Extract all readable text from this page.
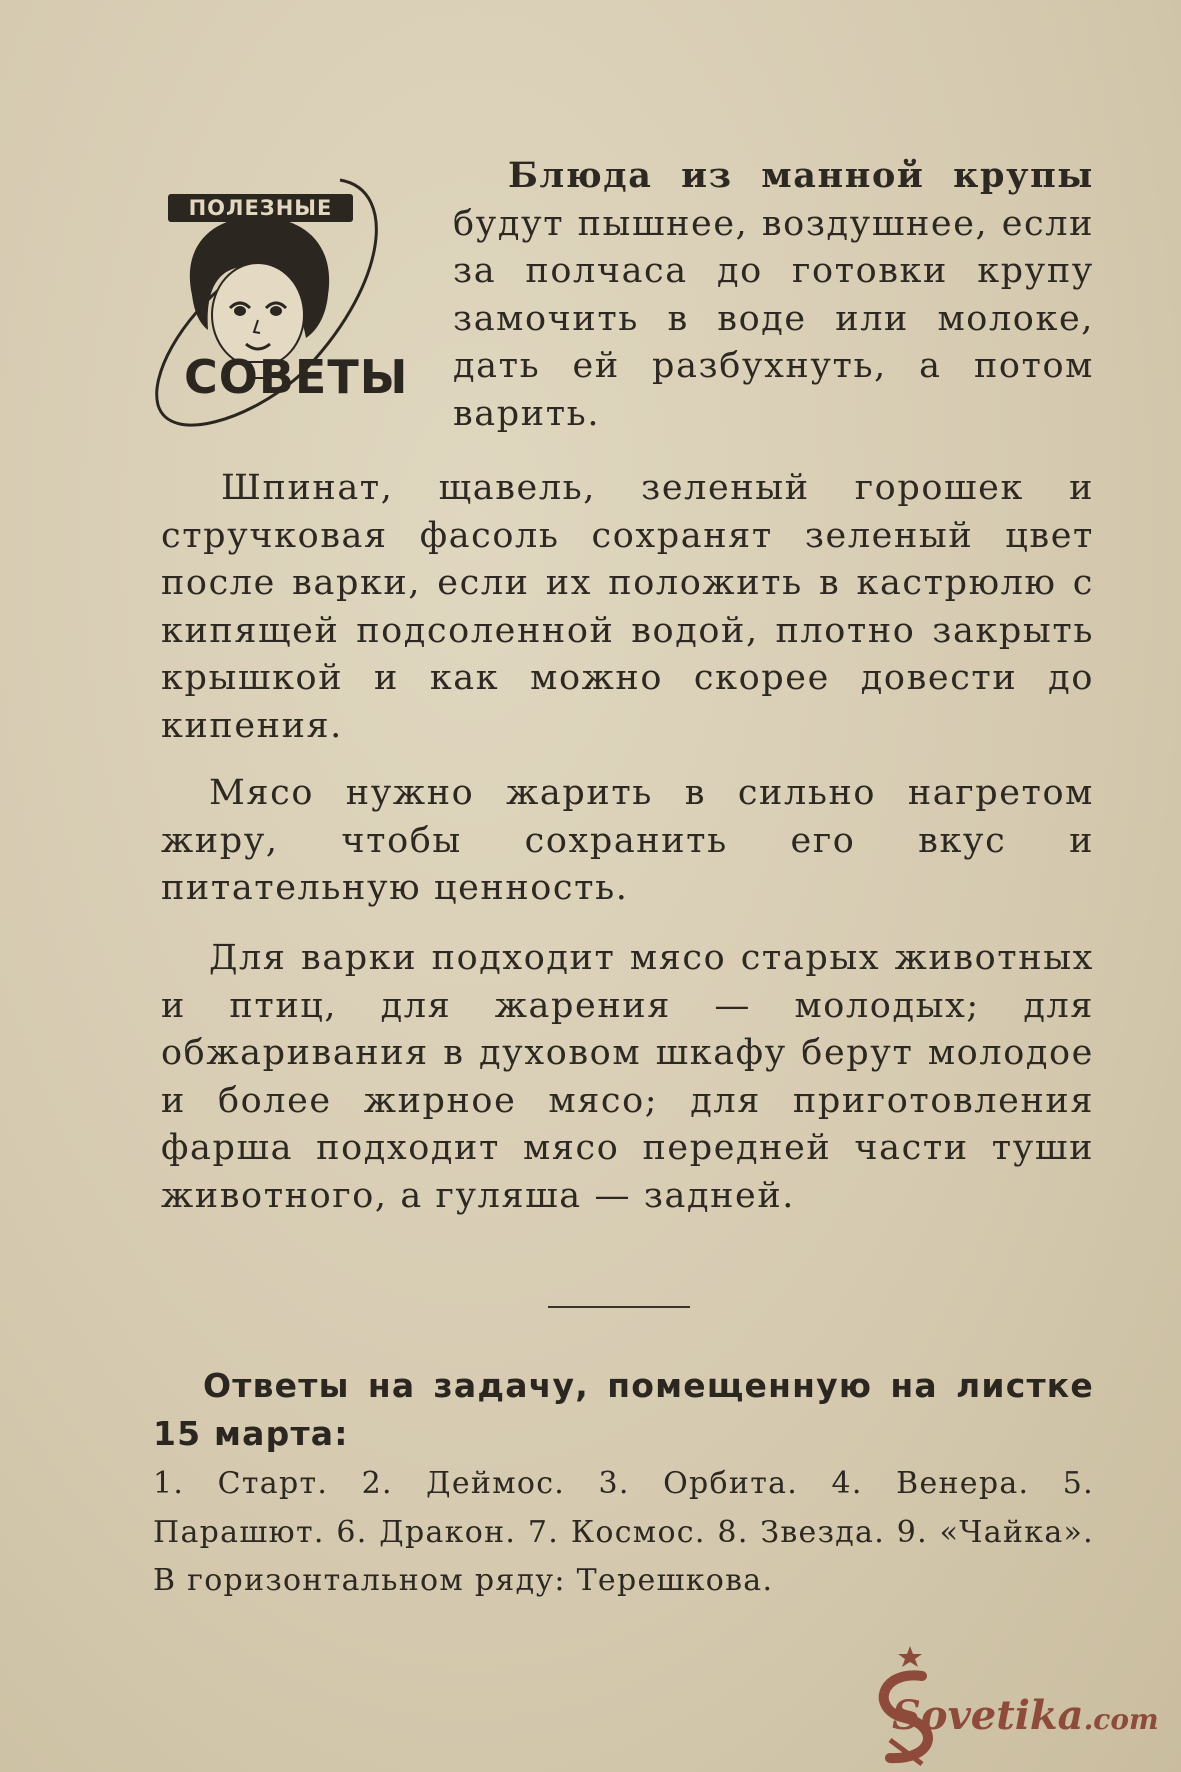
ПОЛЕЗНЫЕ
СОВЕТЫ
Блюда из манной крупы будут пышнее, воздушнее, если за полчаса до готовки крупу замочить в воде или молоке, дать ей разбухнуть, а потом варить.
Шпинат, щавель, зеленый горошек и стручковая фасоль сохранят зеленый цвет после варки, если их положить в кастрюлю с кипящей подсоленной водой, плотно закрыть крышкой и как можно скорее довести до кипения.
Мясо нужно жарить в сильно нагретом жиру, чтобы сохранить его вкус и питательную ценность.
Для варки подходит мясо старых животных и птиц, для жарения — молодых; для обжаривания в духовом шкафу берут молодое и более жирное мясо; для приготовления фарша подходит мясо передней части туши животного, а гуляша — задней.
Ответы на задачу, помещенную на листке 15 марта:
1. Старт. 2. Деймос. 3. Орбита. 4. Венера. 5. Парашют. 6. Дракон. 7. Космос. 8. Звезда. 9. «Чайка». В горизонтальном ряду: Терешкова.
Sovetika.com
